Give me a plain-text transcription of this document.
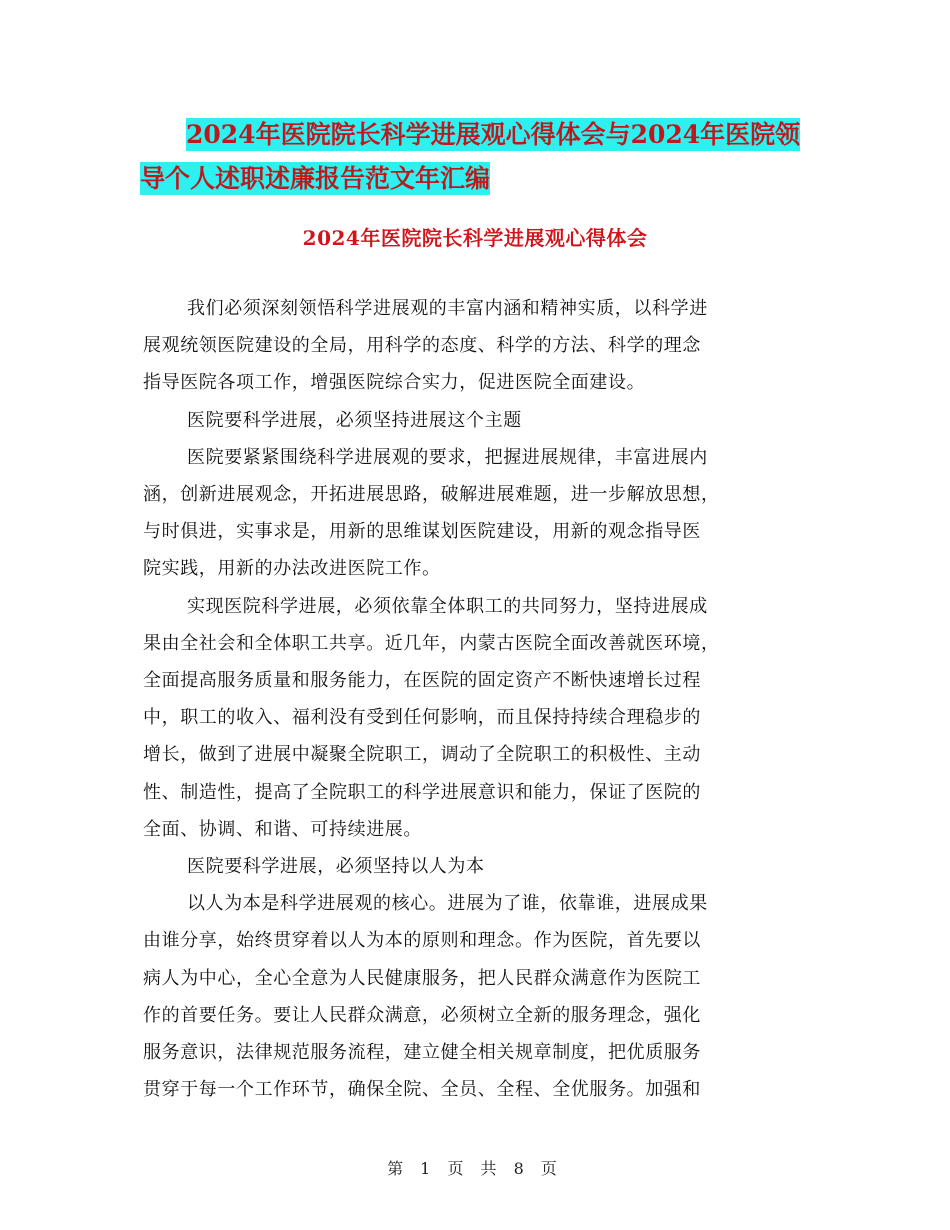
2024年医院院长科学进展观心得体会与2024年医院领
导个人述职述廉报告范文年汇编
2024年医院院长科学进展观心得体会

我们必须深刻领悟科学进展观的丰富内涵和精神实质，以科学进
展观统领医院建设的全局，用科学的态度、科学的方法、科学的理念
指导医院各项工作，增强医院综合实力，促进医院全面建设。

医院要科学进展，必须坚持进展这个主题

医院要紧紧围绕科学进展观的要求，把握进展规律，丰富进展内
涵，创新进展观念，开拓进展思路，破解进展难题，进一步解放思想，
与时俱进，实事求是，用新的思维谋划医院建设，用新的观念指导医
院实践，用新的办法改进医院工作。

实现医院科学进展，必须依靠全体职工的共同努力，坚持进展成
果由全社会和全体职工共享。近几年，内蒙古医院全面改善就医环境，
全面提高服务质量和服务能力，在医院的固定资产不断快速增长过程
中，职工的收入、福利没有受到任何影响，而且保持持续合理稳步的
增长，做到了进展中凝聚全院职工，调动了全院职工的积极性、主动
性、制造性，提高了全院职工的科学进展意识和能力，保证了医院的
全面、协调、和谐、可持续进展。

医院要科学进展，必须坚持以人为本

以人为本是科学进展观的核心。进展为了谁，依靠谁，进展成果
由谁分享，始终贯穿着以人为本的原则和理念。作为医院，首先要以
病人为中心，全心全意为人民健康服务，把人民群众满意作为医院工
作的首要任务。要让人民群众满意，必须树立全新的服务理念，强化
服务意识，法律规范服务流程，建立健全相关规章制度，把优质服务
贯穿于每一个工作环节，确保全院、全员、全程、全优服务。加强和

第 1 页 共 8 页
